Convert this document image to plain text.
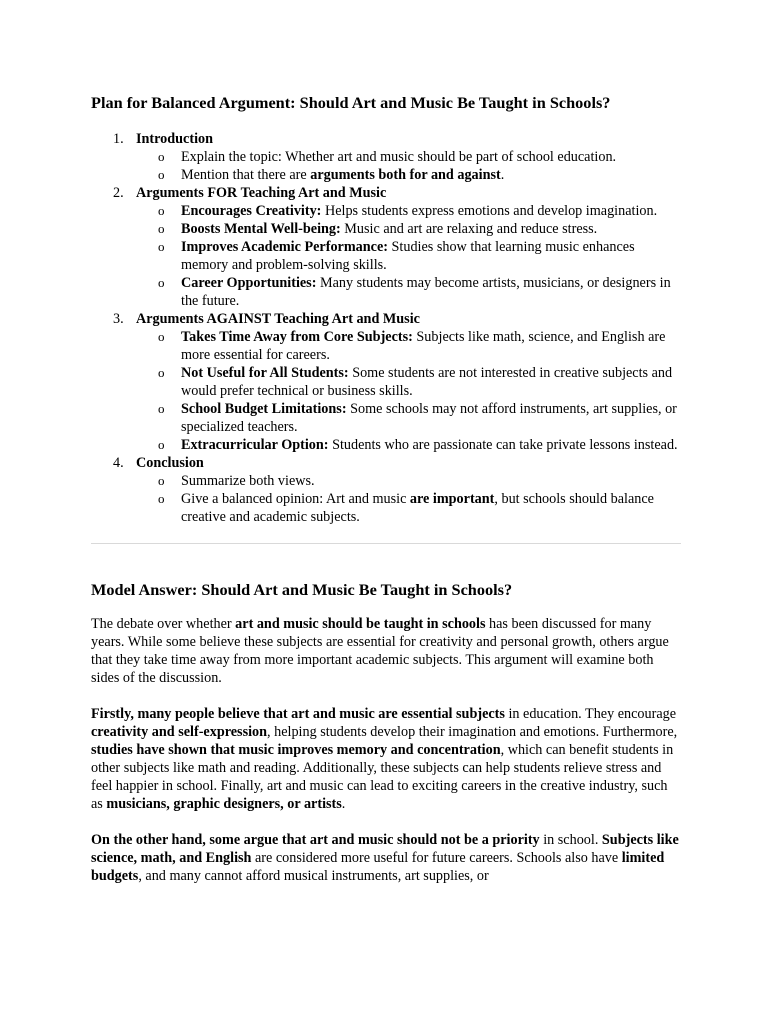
Plan for Balanced Argument: Should Art and Music Be Taught in Schools?
1. Introduction
o Explain the topic: Whether art and music should be part of school education.
o Mention that there are arguments both for and against.
2. Arguments FOR Teaching Art and Music
o Encourages Creativity: Helps students express emotions and develop imagination.
o Boosts Mental Well-being: Music and art are relaxing and reduce stress.
o Improves Academic Performance: Studies show that learning music enhances memory and problem-solving skills.
o Career Opportunities: Many students may become artists, musicians, or designers in the future.
3. Arguments AGAINST Teaching Art and Music
o Takes Time Away from Core Subjects: Subjects like math, science, and English are more essential for careers.
o Not Useful for All Students: Some students are not interested in creative subjects and would prefer technical or business skills.
o School Budget Limitations: Some schools may not afford instruments, art supplies, or specialized teachers.
o Extracurricular Option: Students who are passionate can take private lessons instead.
4. Conclusion
o Summarize both views.
o Give a balanced opinion: Art and music are important, but schools should balance creative and academic subjects.
Model Answer: Should Art and Music Be Taught in Schools?

The debate over whether art and music should be taught in schools has been discussed for many years. While some believe these subjects are essential for creativity and personal growth, others argue that they take time away from more important academic subjects. This argument will examine both sides of the discussion.

Firstly, many people believe that art and music are essential subjects in education. They encourage creativity and self-expression, helping students develop their imagination and emotions. Furthermore, studies have shown that music improves memory and concentration, which can benefit students in other subjects like math and reading. Additionally, these subjects can help students relieve stress and feel happier in school. Finally, art and music can lead to exciting careers in the creative industry, such as musicians, graphic designers, or artists.

On the other hand, some argue that art and music should not be a priority in school. Subjects like science, math, and English are considered more useful for future careers. Schools also have limited budgets, and many cannot afford musical instruments, art supplies, or
